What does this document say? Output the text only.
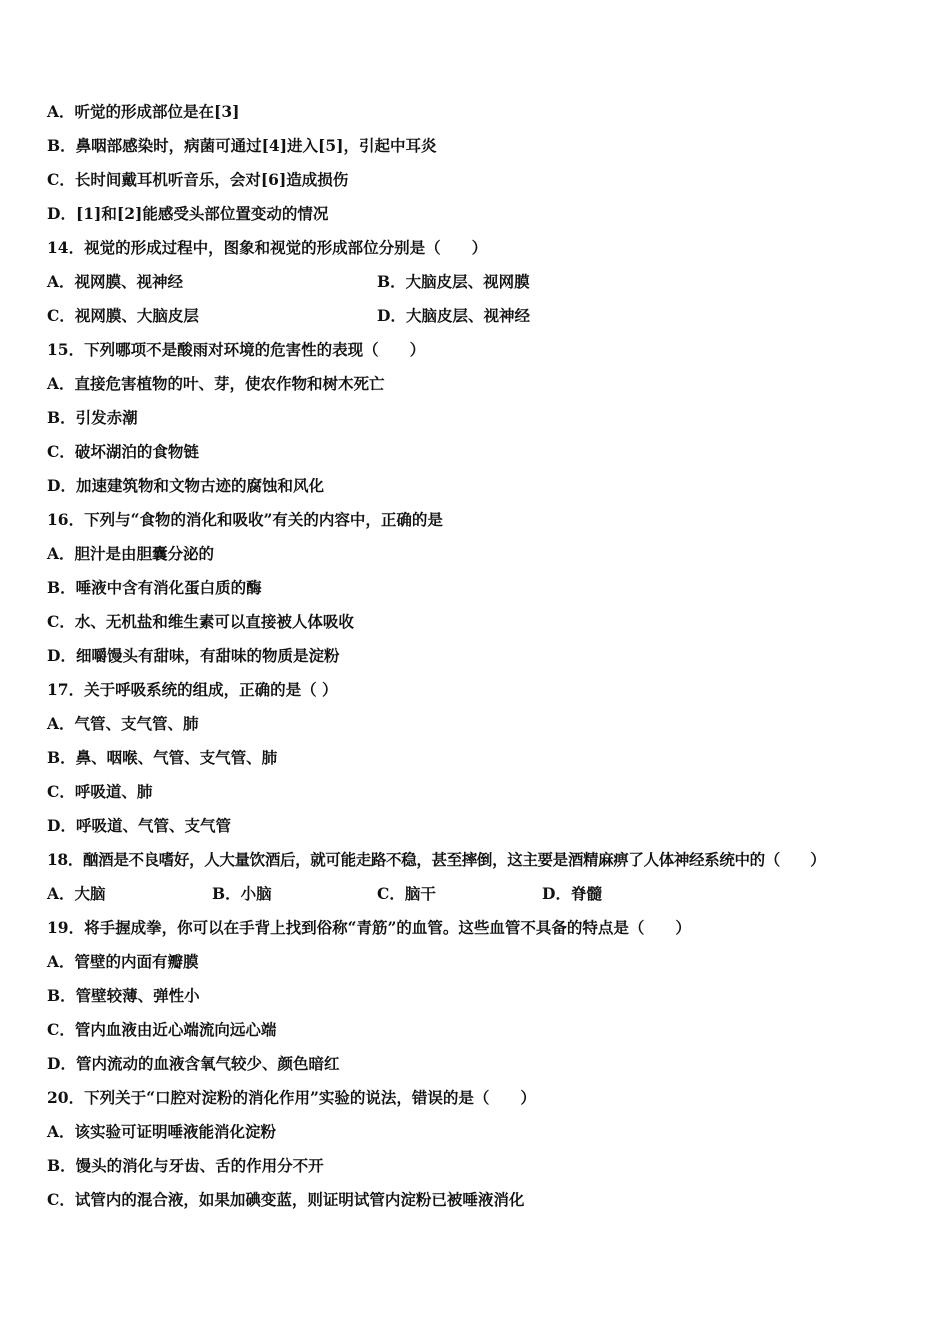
A．听觉的形成部位是在[3]
B．鼻咽部感染时，病菌可通过[4]进入[5]，引起中耳炎
C．长时间戴耳机听音乐，会对[6]造成损伤
D．[1]和[2]能感受头部位置变动的情况
14．视觉的形成过程中，图象和视觉的形成部位分别是（　　）

A．视网膜、视神经

	B．大脑皮层、视网膜

C．视网膜、大脑皮层

	D．大脑皮层、视神经

15．下列哪项不是酸雨对环境的危害性的表现（　　）
A．直接危害植物的叶、芽，使农作物和树木死亡
B．引发赤潮
C．破坏湖泊的食物链
D．加速建筑物和文物古迹的腐蚀和风化
16．下列与“食物的消化和吸收”有关的内容中，正确的是
A．胆汁是由胆囊分泌的
B．唾液中含有消化蛋白质的酶
C．水、无机盐和维生素可以直接被人体吸收
D．细嚼馒头有甜味，有甜味的物质是淀粉
17．关于呼吸系统的组成，正确的是（ ）
A．气管、支气管、肺
B．鼻、咽喉、气管、支气管、肺
C．呼吸道、肺
D．呼吸道、气管、支气管
18．酗酒是不良嗜好，人大量饮酒后，就可能走路不稳，甚至摔倒，这主要是酒精麻痹了人体神经系统中的（　　）

A．大脑

	B．小脑

	C．脑干

	D．脊髓

19．将手握成拳，你可以在手背上找到俗称“青筋”的血管。这些血管不具备的特点是（　　）
A．管壁的内面有瓣膜
B．管壁较薄、弹性小
C．管内血液由近心端流向远心端
D．管内流动的血液含氧气较少、颜色暗红
20．下列关于“口腔对淀粉的消化作用”实验的说法，错误的是（　　）
A．该实验可证明唾液能消化淀粉
B．馒头的消化与牙齿、舌的作用分不开
C．试管内的混合液，如果加碘变蓝，则证明试管内淀粉已被唾液消化
